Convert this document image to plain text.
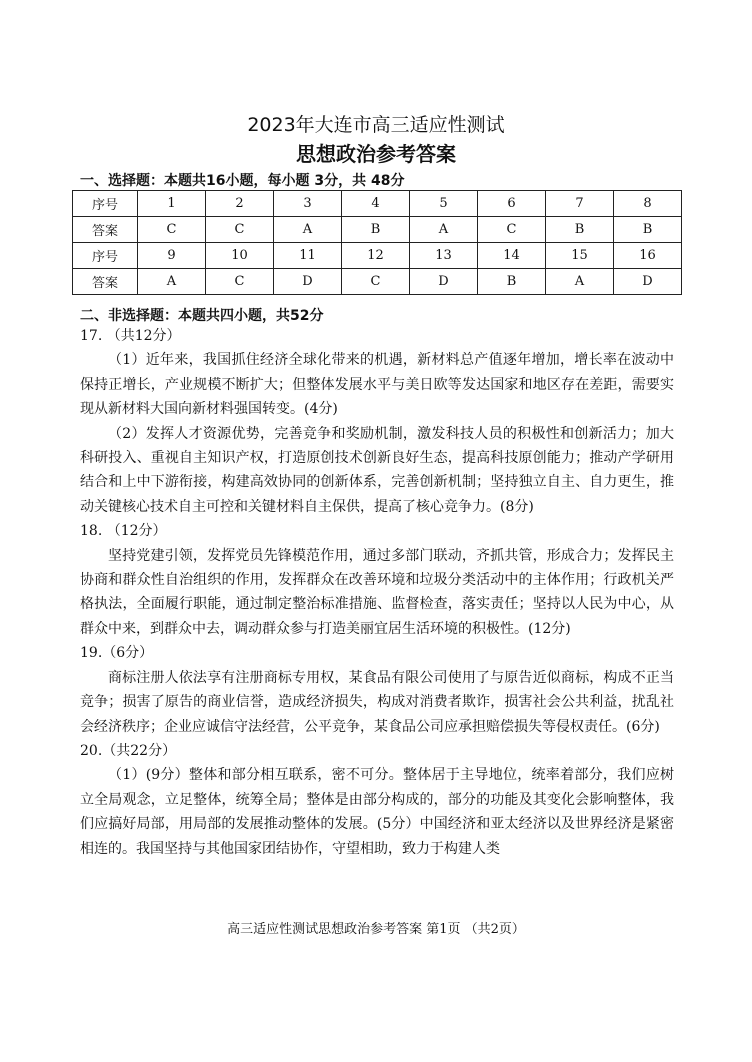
2023年大连市高三适应性测试
思想政治参考答案
一、选择题：本题共16小题，每小题 3分，共 48分
序号	1	2	3	4	5	6	7	8
答案	C	C	A	B	A	C	B	B
序号	9	10	11	12	13	14	15	16
答案	A	C	D	C	D	B	A	D
二、非选择题：本题共四小题，共52分

17. （共12分）

（1）近年来，我国抓住经济全球化带来的机遇，新材料总产值逐年增加，增长率在波动中保持正增长，产业规模不断扩大；但整体发展水平与美日欧等发达国家和地区存在差距，需要实现从新材料大国向新材料强国转变。(4分)

（2）发挥人才资源优势，完善竞争和奖励机制，激发科技人员的积极性和创新活力；加大科研投入、重视自主知识产权，打造原创技术创新良好生态，提高科技原创能力；推动产学研用结合和上中下游衔接，构建高效协同的创新体系，完善创新机制；坚持独立自主、自力更生，推动关键核心技术自主可控和关键材料自主保供，提高了核心竞争力。(8分)

18. （12分）

坚持党建引领，发挥党员先锋模范作用，通过多部门联动，齐抓共管，形成合力；发挥民主协商和群众性自治组织的作用，发挥群众在改善环境和垃圾分类活动中的主体作用；行政机关严格执法，全面履行职能，通过制定整治标准措施、监督检查，落实责任；坚持以人民为中心，从群众中来，到群众中去，调动群众参与打造美丽宜居生活环境的积极性。(12分)

19.（6分）

商标注册人依法享有注册商标专用权，某食品有限公司使用了与原告近似商标，构成不正当竞争；损害了原告的商业信誉，造成经济损失，构成对消费者欺诈，损害社会公共利益，扰乱社会经济秩序；企业应诚信守法经营，公平竞争，某食品公司应承担赔偿损失等侵权责任。(6分)

20.（共22分）

（1）(9分）整体和部分相互联系，密不可分。整体居于主导地位，统率着部分，我们应树立全局观念，立足整体，统筹全局；整体是由部分构成的，部分的功能及其变化会影响整体，我们应搞好局部，用局部的发展推动整体的发展。(5分）中国经济和亚太经济以及世界经济是紧密相连的。我国坚持与其他国家团结协作，守望相助，致力于构建人类

高三适应性测试思想政治参考答案 第1页 （共2页）
